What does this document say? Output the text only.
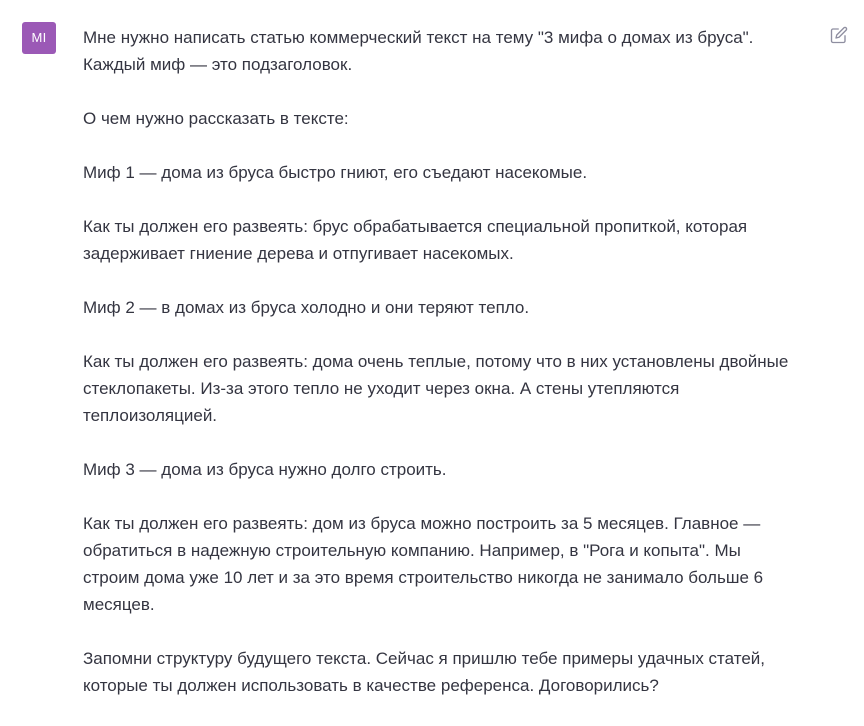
MI	Мне нужно написать статью коммерческий текст на тему "3 мифа о домах из бруса".
Каждый миф — это подзаголовок.
О чем нужно рассказать в тексте:
Миф 1 — дома из бруса быстро гниют, его съедают насекомые.
Как ты должен его развеять: брус обрабатывается специальной пропиткой, которая
задерживает гниение дерева и отпугивает насекомых.
Миф 2 — в домах из бруса холодно и они теряют тепло.
Как ты должен его развеять: дома очень теплые, потому что в них установлены двойные
стеклопакеты. Из-за этого тепло не уходит через окна. А стены утепляются
теплоизоляцией.
Миф 3 — дома из бруса нужно долго строить.
Как ты должен его развеять: дом из бруса можно построить за 5 месяцев. Главное —
обратиться в надежную строительную компанию. Например, в "Рога и копыта". Мы
строим дома уже 10 лет и за это время строительство никогда не занимало больше 6
месяцев.
Запомни структуру будущего текста. Сейчас я пришлю тебе примеры удачных статей,
которые ты должен использовать в качестве референса. Договорились?
